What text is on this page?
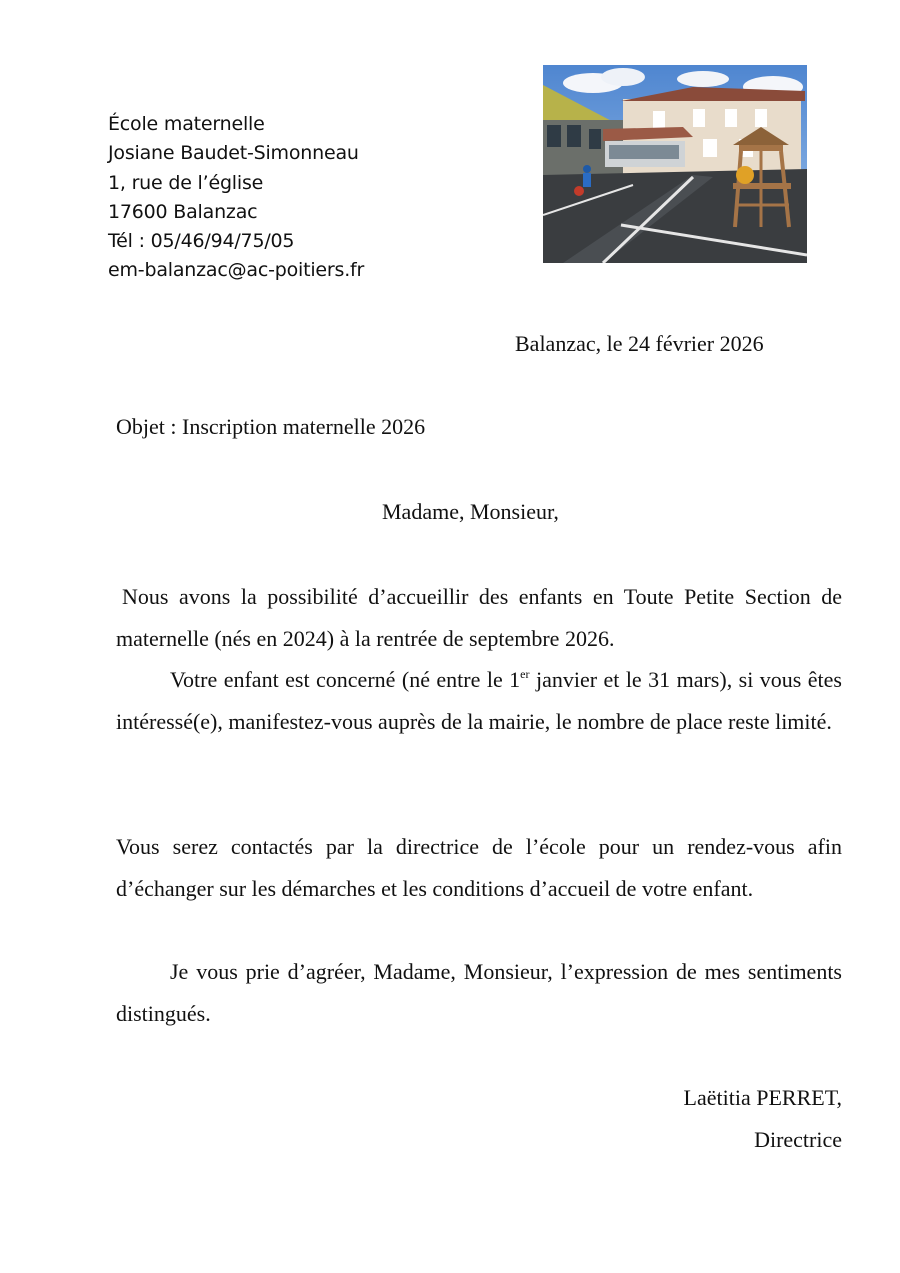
École maternelle
Josiane Baudet-Simonneau
1, rue de l’église
17600 Balanzac
Tél : 05/46/94/75/05
em-balanzac@ac-poitiers.fr
Balanzac, le 24 février 2026
Objet : Inscription maternelle 2026
Madame, Monsieur,
Nous avons la possibilité d’accueillir des enfants en Toute Petite Section de maternelle (nés en 2024) à la rentrée de septembre 2026.
Votre enfant est concerné (né entre le 1er janvier et le 31 mars), si vous êtes intéressé(e), manifestez-vous auprès de la mairie, le nombre de place reste limité.
Vous serez contactés par la directrice de l’école pour un rendez-vous afin d’échanger sur les démarches et les conditions d’accueil de votre enfant.
Je vous prie d’agréer, Madame, Monsieur, l’expression de mes sentiments distingués.
Laëtitia PERRET,
Directrice
